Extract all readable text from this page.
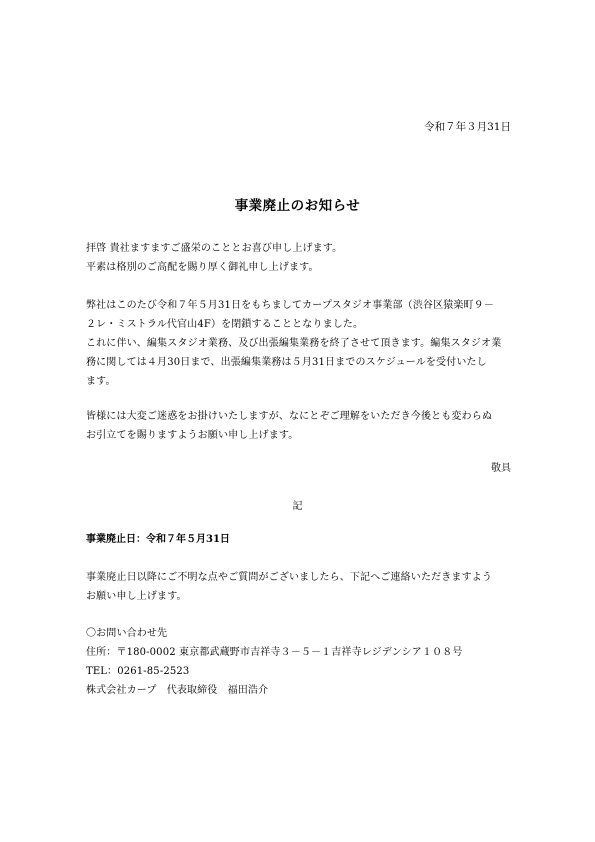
令和７年３月31日
事業廃止のお知らせ
拝啓 貴社ますますご盛栄のこととお喜び申し上げます。
平素は格別のご高配を賜り厚く御礼申し上げます。
弊社はこのたび令和７年５月31日をもちましてカープスタジオ事業部（渋谷区猿楽町９－
２レ・ミストラル代官山4F）を閉鎖することとなりました。
これに伴い、編集スタジオ業務、及び出張編集業務を終了させて頂きます。編集スタジオ業
務に関しては４月30日まで、出張編集業務は５月31日までのスケジュールを受付いたし
ます。
皆様には大変ご迷惑をお掛けいたしますが、なにとぞご理解をいただき今後とも変わらぬ
お引立てを賜りますようお願い申し上げます。
敬具
記
事業廃止日：令和７年５月31日
事業廃止日以降にご不明な点やご質問がございましたら、下記へご連絡いただきますよう
お願い申し上げます。
〇お問い合わせ先
住所：〒180-0002 東京都武蔵野市吉祥寺３－５－１吉祥寺レジデンシア１０８号
TEL：0261-85-2523
株式会社カープ　代表取締役　福田浩介
